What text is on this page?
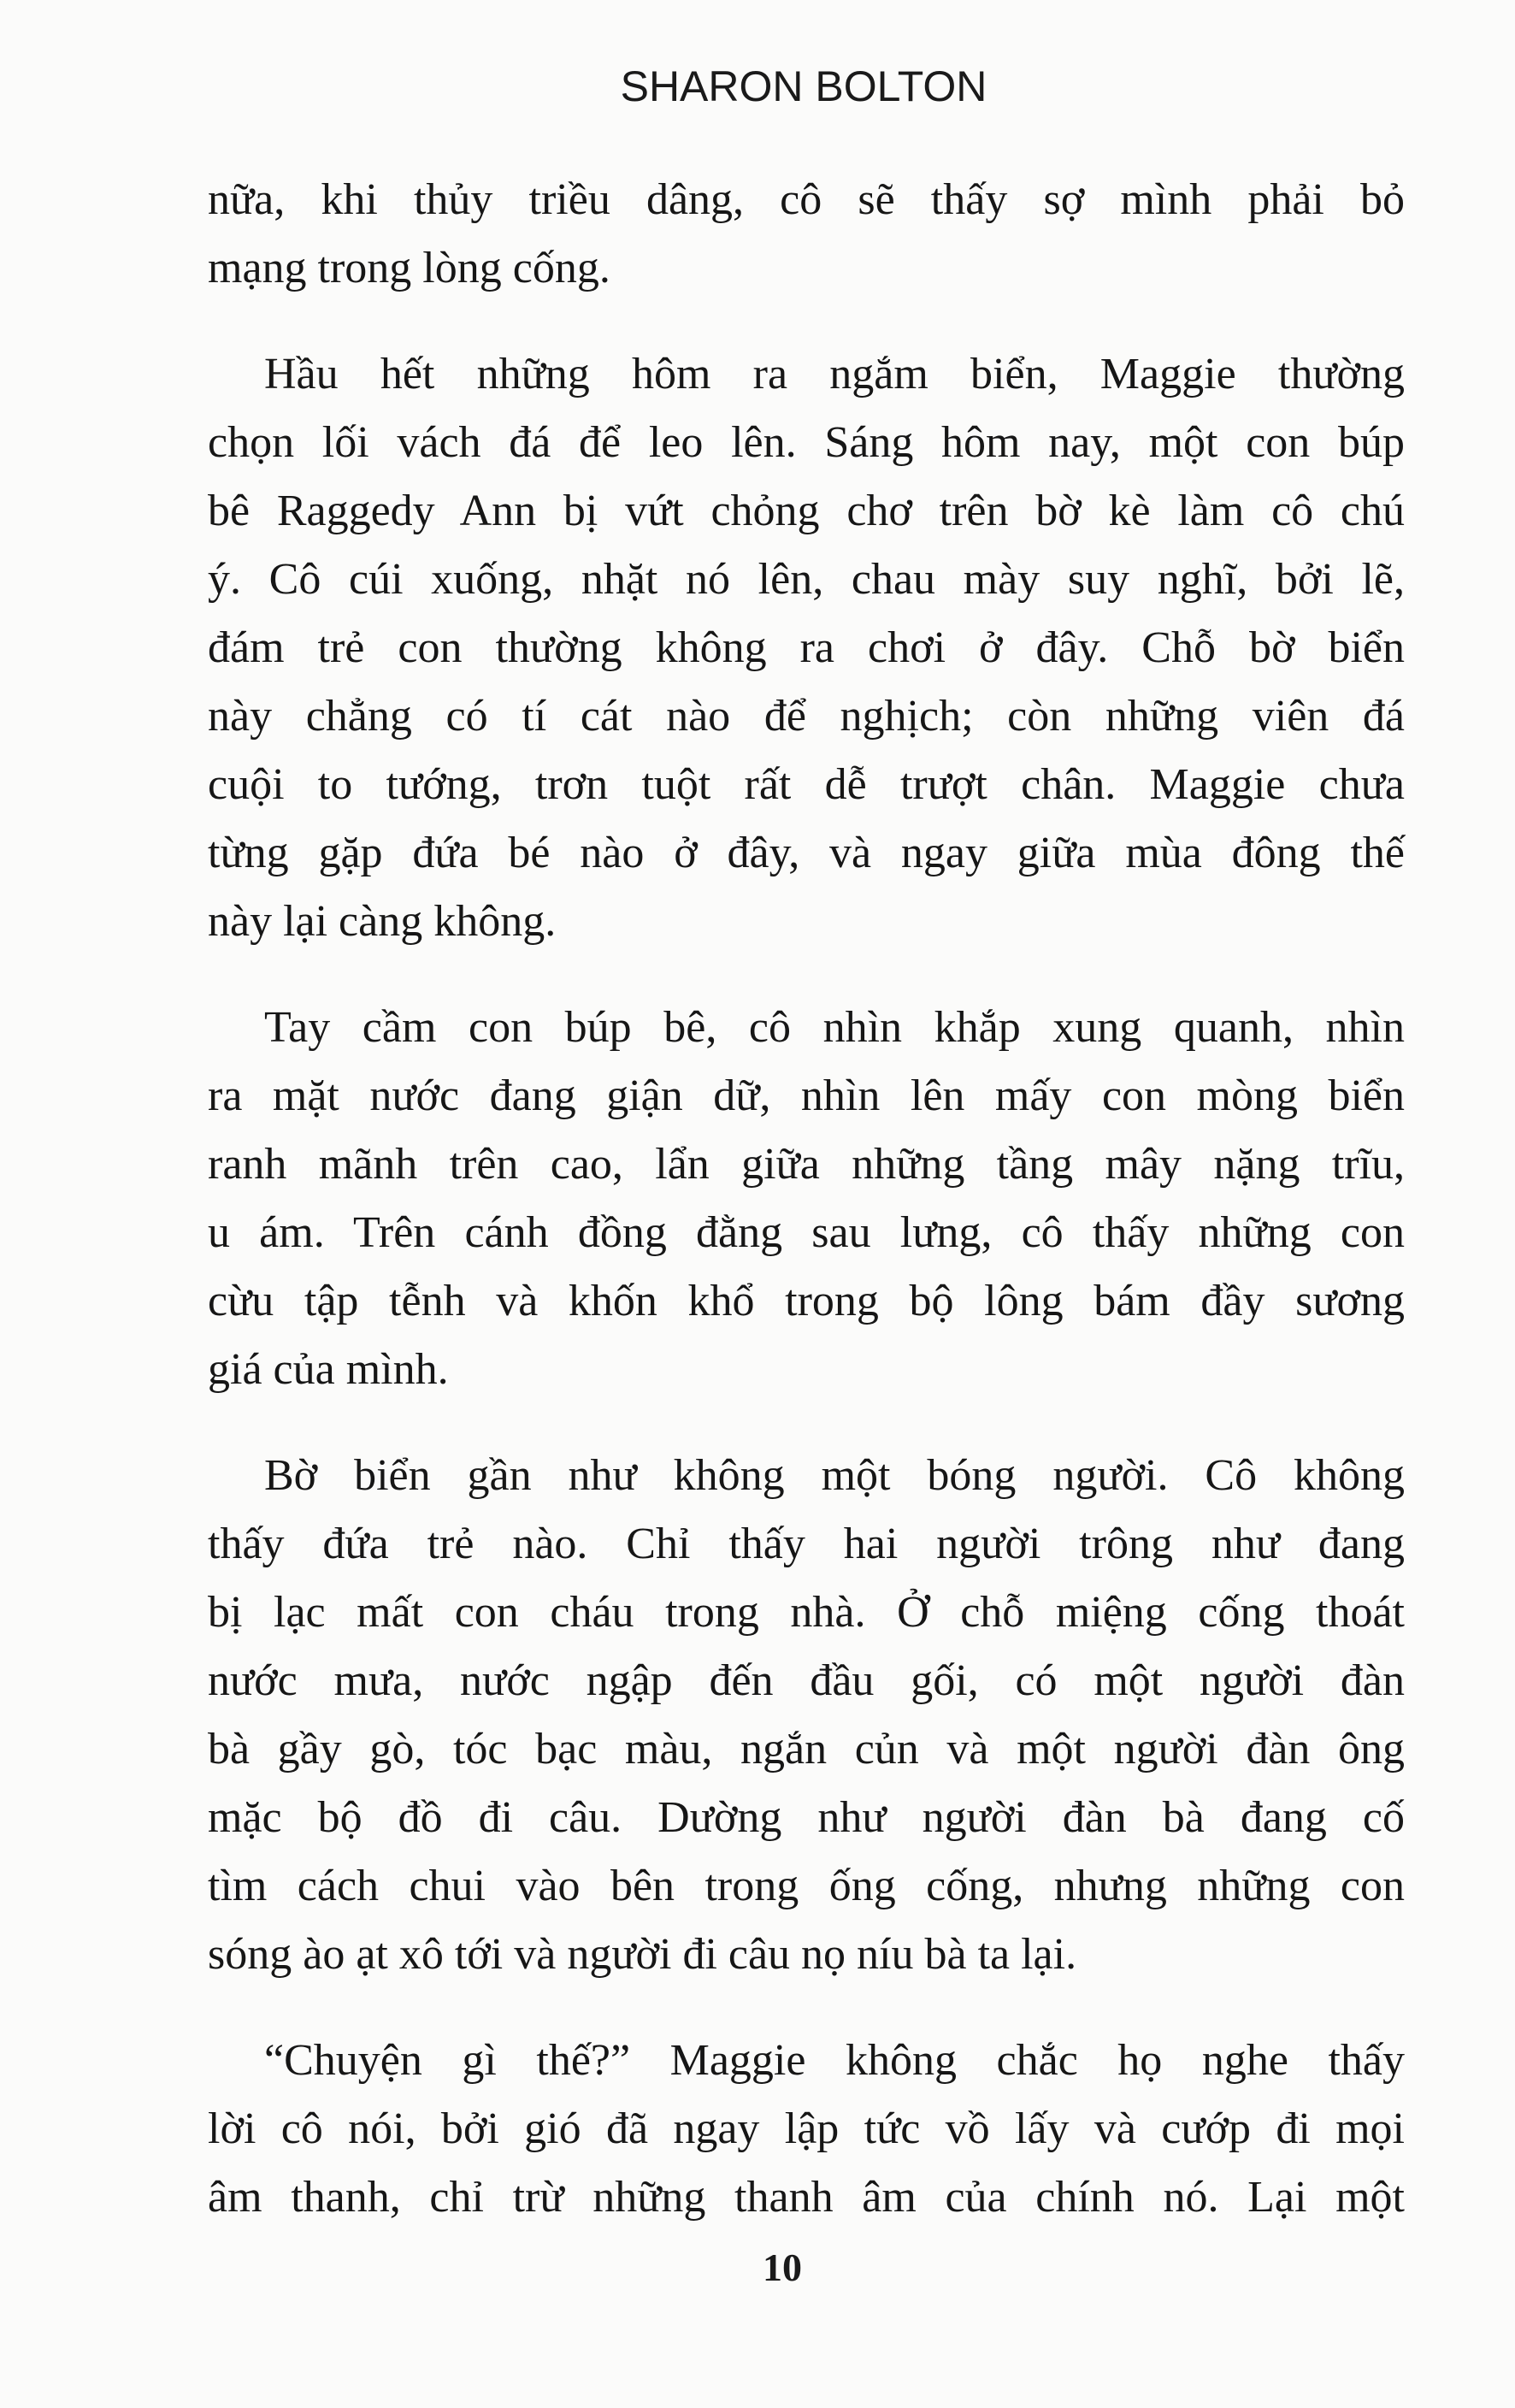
SHARON BOLTON
nữa, khi thủy triều dâng, cô sẽ thấy sợ mình phải bỏ
mạng trong lòng cống.
Hầu hết những hôm ra ngắm biển, Maggie thường
chọn lối vách đá để leo lên. Sáng hôm nay, một con búp
bê Raggedy Ann bị vứt chỏng chơ trên bờ kè làm cô chú
ý. Cô cúi xuống, nhặt nó lên, chau mày suy nghĩ, bởi lẽ,
đám trẻ con thường không ra chơi ở đây. Chỗ bờ biển
này chẳng có tí cát nào để nghịch; còn những viên đá
cuội to tướng, trơn tuột rất dễ trượt chân. Maggie chưa
từng gặp đứa bé nào ở đây, và ngay giữa mùa đông thế
này lại càng không.
Tay cầm con búp bê, cô nhìn khắp xung quanh, nhìn
ra mặt nước đang giận dữ, nhìn lên mấy con mòng biển
ranh mãnh trên cao, lẩn giữa những tầng mây nặng trĩu,
u ám. Trên cánh đồng đằng sau lưng, cô thấy những con
cừu tập tễnh và khốn khổ trong bộ lông bám đầy sương
giá của mình.
Bờ biển gần như không một bóng người. Cô không
thấy đứa trẻ nào. Chỉ thấy hai người trông như đang
bị lạc mất con cháu trong nhà. Ở chỗ miệng cống thoát
nước mưa, nước ngập đến đầu gối, có một người đàn
bà gầy gò, tóc bạc màu, ngắn củn và một người đàn ông
mặc bộ đồ đi câu. Dường như người đàn bà đang cố
tìm cách chui vào bên trong ống cống, nhưng những con
sóng ào ạt xô tới và người đi câu nọ níu bà ta lại.
“Chuyện gì thế?” Maggie không chắc họ nghe thấy
lời cô nói, bởi gió đã ngay lập tức vồ lấy và cướp đi mọi
âm thanh, chỉ trừ những thanh âm của chính nó. Lại một
10
